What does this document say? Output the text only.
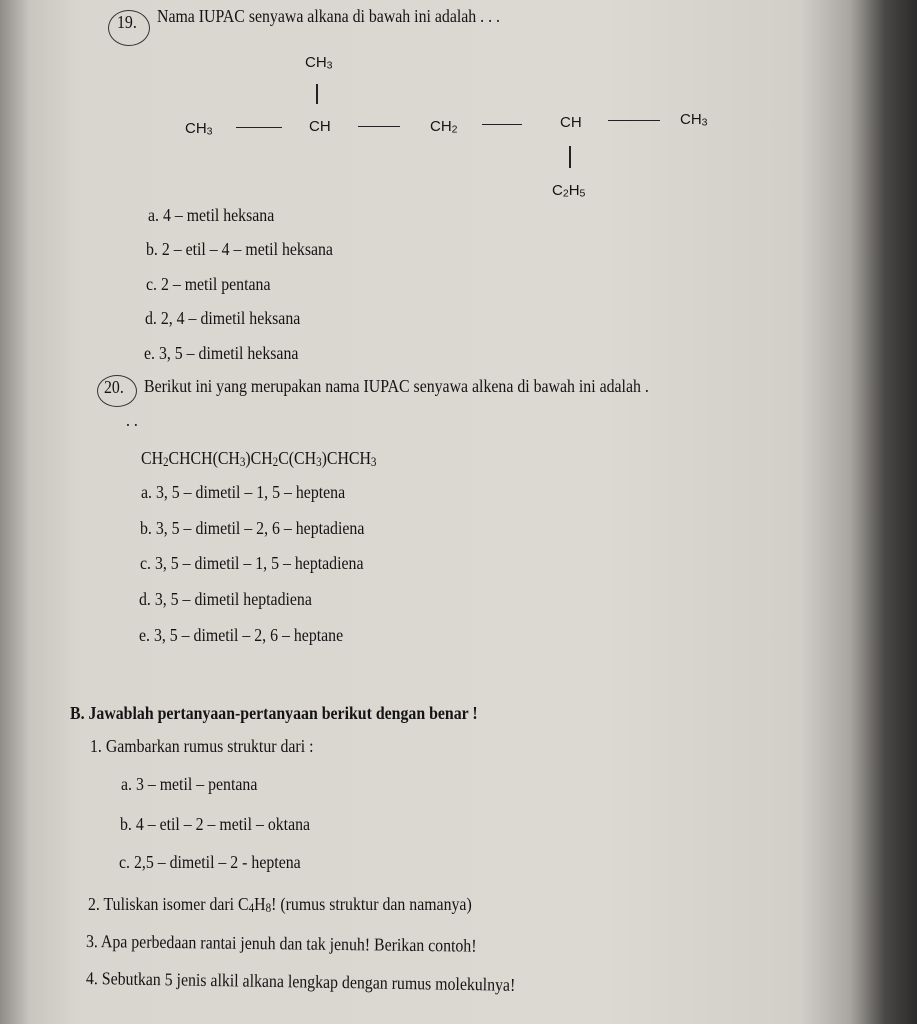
19. Nama IUPAC senyawa alkana di bawah ini adalah . . .
$CH_3$
$CH_3$	CH	$CH_2$	CH	$CH_3$
$C_2H_5$
a. 4 – metil heksana
b. 2 – etil – 4 – metil heksana
c. 2 – metil pentana
d. 2, 4 – dimetil heksana
e. 3, 5 – dimetil heksana
20. Berikut ini yang merupakan nama IUPAC senyawa alkena di bawah ini adalah .
. .
$CH_2CHCH(CH_3)CH_2C(CH_3)CHCH_3$
a. 3, 5 – dimetil – 1, 5 – heptena
b. 3, 5 – dimetil – 2, 6 – heptadiena
c. 3, 5 – dimetil – 1, 5 – heptadiena
d. 3, 5 – dimetil heptadiena
e. 3, 5 – dimetil – 2, 6 – heptane
B. Jawablah pertanyaan-pertanyaan berikut dengan benar !
1. Gambarkan rumus struktur dari :
a. 3 – metil – pentana
b. 4 – etil – 2 – metil – oktana
c. 2,5 – dimetil – 2 - heptena
2. Tuliskan isomer dari $C_4H_8$! (rumus struktur dan namanya)
3. Apa perbedaan rantai jenuh dan tak jenuh! Berikan contoh!
4. Sebutkan 5 jenis alkil alkana lengkap dengan rumus molekulnya!
